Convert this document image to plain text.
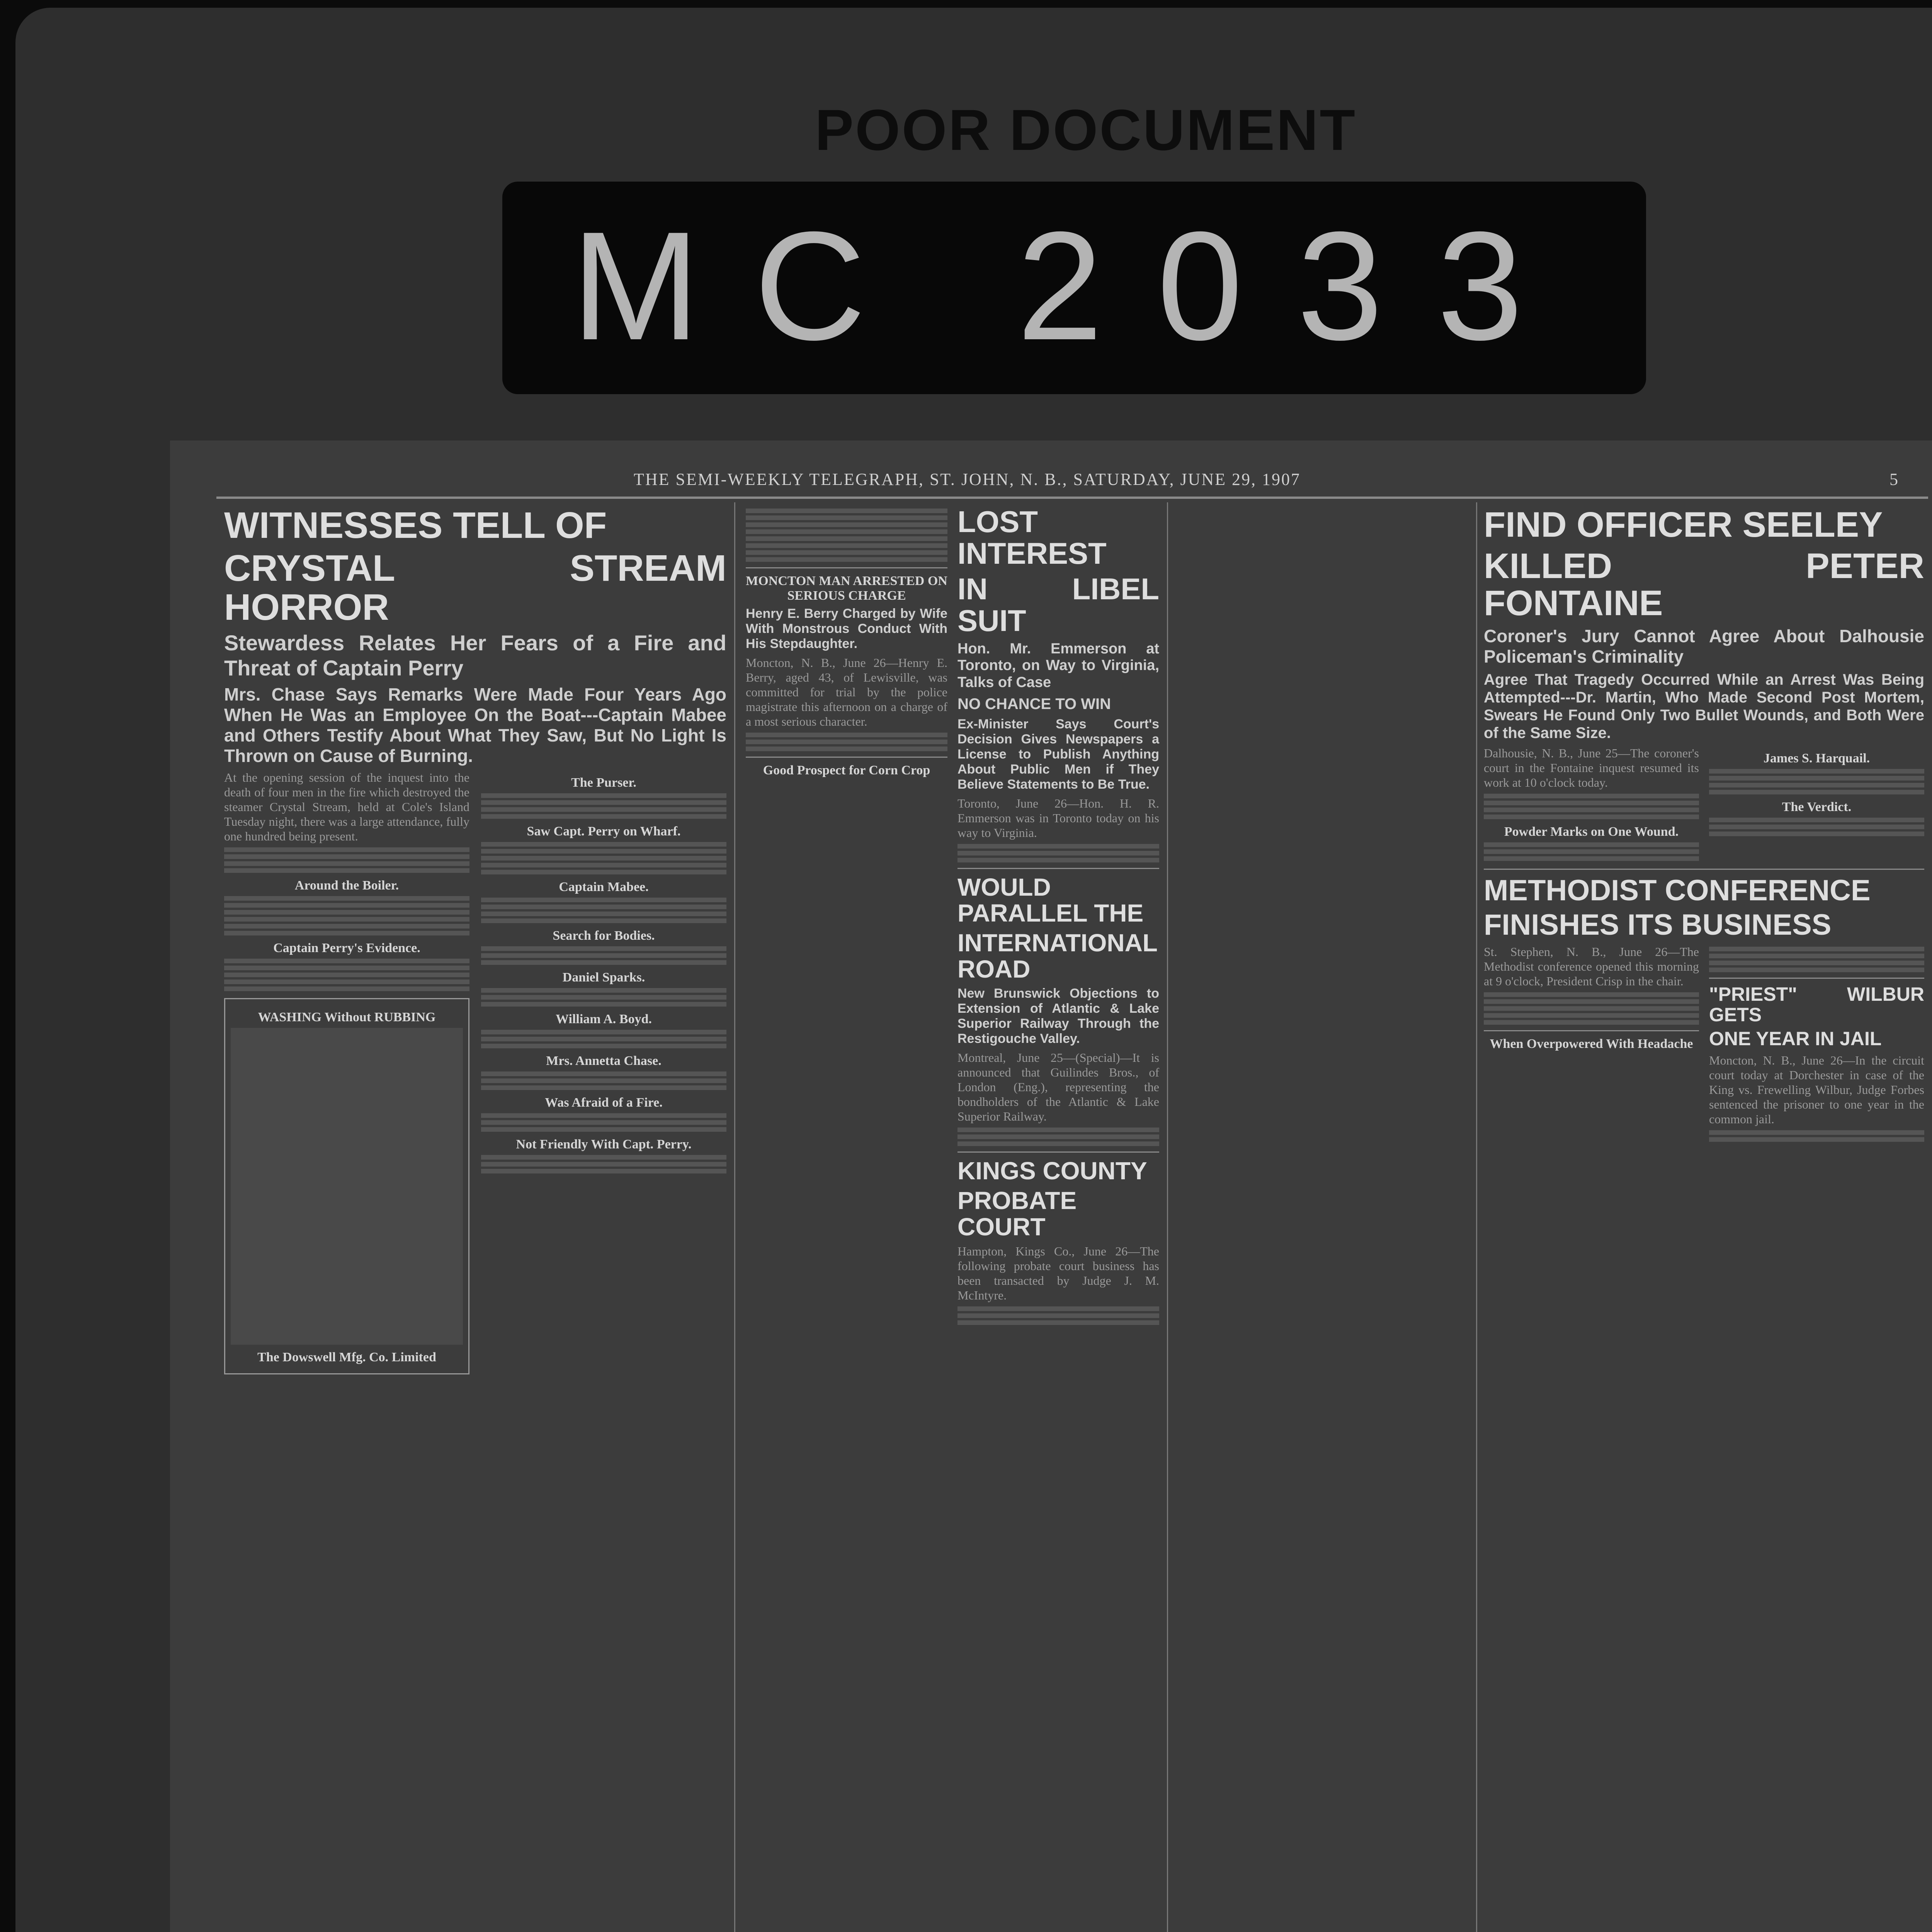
POOR DOCUMENT
MC 2033
THE SEMI-WEEKLY TELEGRAPH, ST. JOHN, N. B., SATURDAY, JUNE 29, 1907	5

WITNESSES TELL OF

CRYSTAL STREAM HORROR

Stewardess Relates Her Fears of a Fire and Threat of Captain Perry

Mrs. Chase Says Remarks Were Made Four Years Ago When He Was an Employee On the Boat---Captain Mabee and Others Testify About What They Saw, But No Light Is Thrown on Cause of Burning.

At the opening session of the inquest into the death of four men in the fire which destroyed the steamer Crystal Stream, held at Cole's Island Tuesday night, there was a large attendance, fully one hundred being present.

Around the Boiler.
Captain Perry's Evidence.
WASHING Without RUBBING
The Dowswell Mfg. Co. Limited
The Purser.
Saw Capt. Perry on Wharf.
Captain Mabee.
Search for Bodies.
Daniel Sparks.
William A. Boyd.
Mrs. Annetta Chase.
Was Afraid of a Fire.
Not Friendly With Capt. Perry.
MONCTON MAN ARRESTED ON SERIOUS CHARGE

Henry E. Berry Charged by Wife With Monstrous Conduct With His Stepdaughter.

Moncton, N. B., June 26—Henry E. Berry, aged 43, of Lewisville, was committed for trial by the police magistrate this afternoon on a charge of a most serious character.

Good Prospect for Corn Crop

LOST INTEREST

IN LIBEL SUIT

Hon. Mr. Emmerson at Toronto, on Way to Virginia, Talks of Case

NO CHANCE TO WIN

Ex-Minister Says Court's Decision Gives Newspapers a License to Publish Anything About Public Men if They Believe Statements to Be True.

Toronto, June 26—Hon. H. R. Emmerson was in Toronto today on his way to Virginia.

WOULD PARALLEL THE

INTERNATIONAL ROAD

New Brunswick Objections to Extension of Atlantic & Lake Superior Railway Through the Restigouche Valley.

Montreal, June 25—(Special)—It is announced that Guilindes Bros., of London (Eng.), representing the bondholders of the Atlantic & Lake Superior Railway.

KINGS COUNTY

PROBATE COURT

Hampton, Kings Co., June 26—The following probate court business has been transacted by Judge J. M. McIntyre.

FIND OFFICER SEELEY

KILLED PETER FONTAINE

Coroner's Jury Cannot Agree About Dalhousie Policeman's Criminality

Agree That Tragedy Occurred While an Arrest Was Being Attempted---Dr. Martin, Who Made Second Post Mortem, Swears He Found Only Two Bullet Wounds, and Both Were of the Same Size.

Dalhousie, N. B., June 25—The coroner's court in the Fontaine inquest resumed its work at 10 o'clock today.

Powder Marks on One Wound.
James S. Harquail.
The Verdict.

METHODIST CONFERENCE

FINISHES ITS BUSINESS

St. Stephen, N. B., June 26—The Methodist conference opened this morning at 9 o'clock, President Crisp in the chair.

When Overpowered With Headache

"PRIEST" WILBUR GETS

ONE YEAR IN JAIL

Moncton, N. B., June 26—In the circuit court today at Dorchester in case of the King vs. Frewelling Wilbur, Judge Forbes sentenced the prisoner to one year in the common jail.
